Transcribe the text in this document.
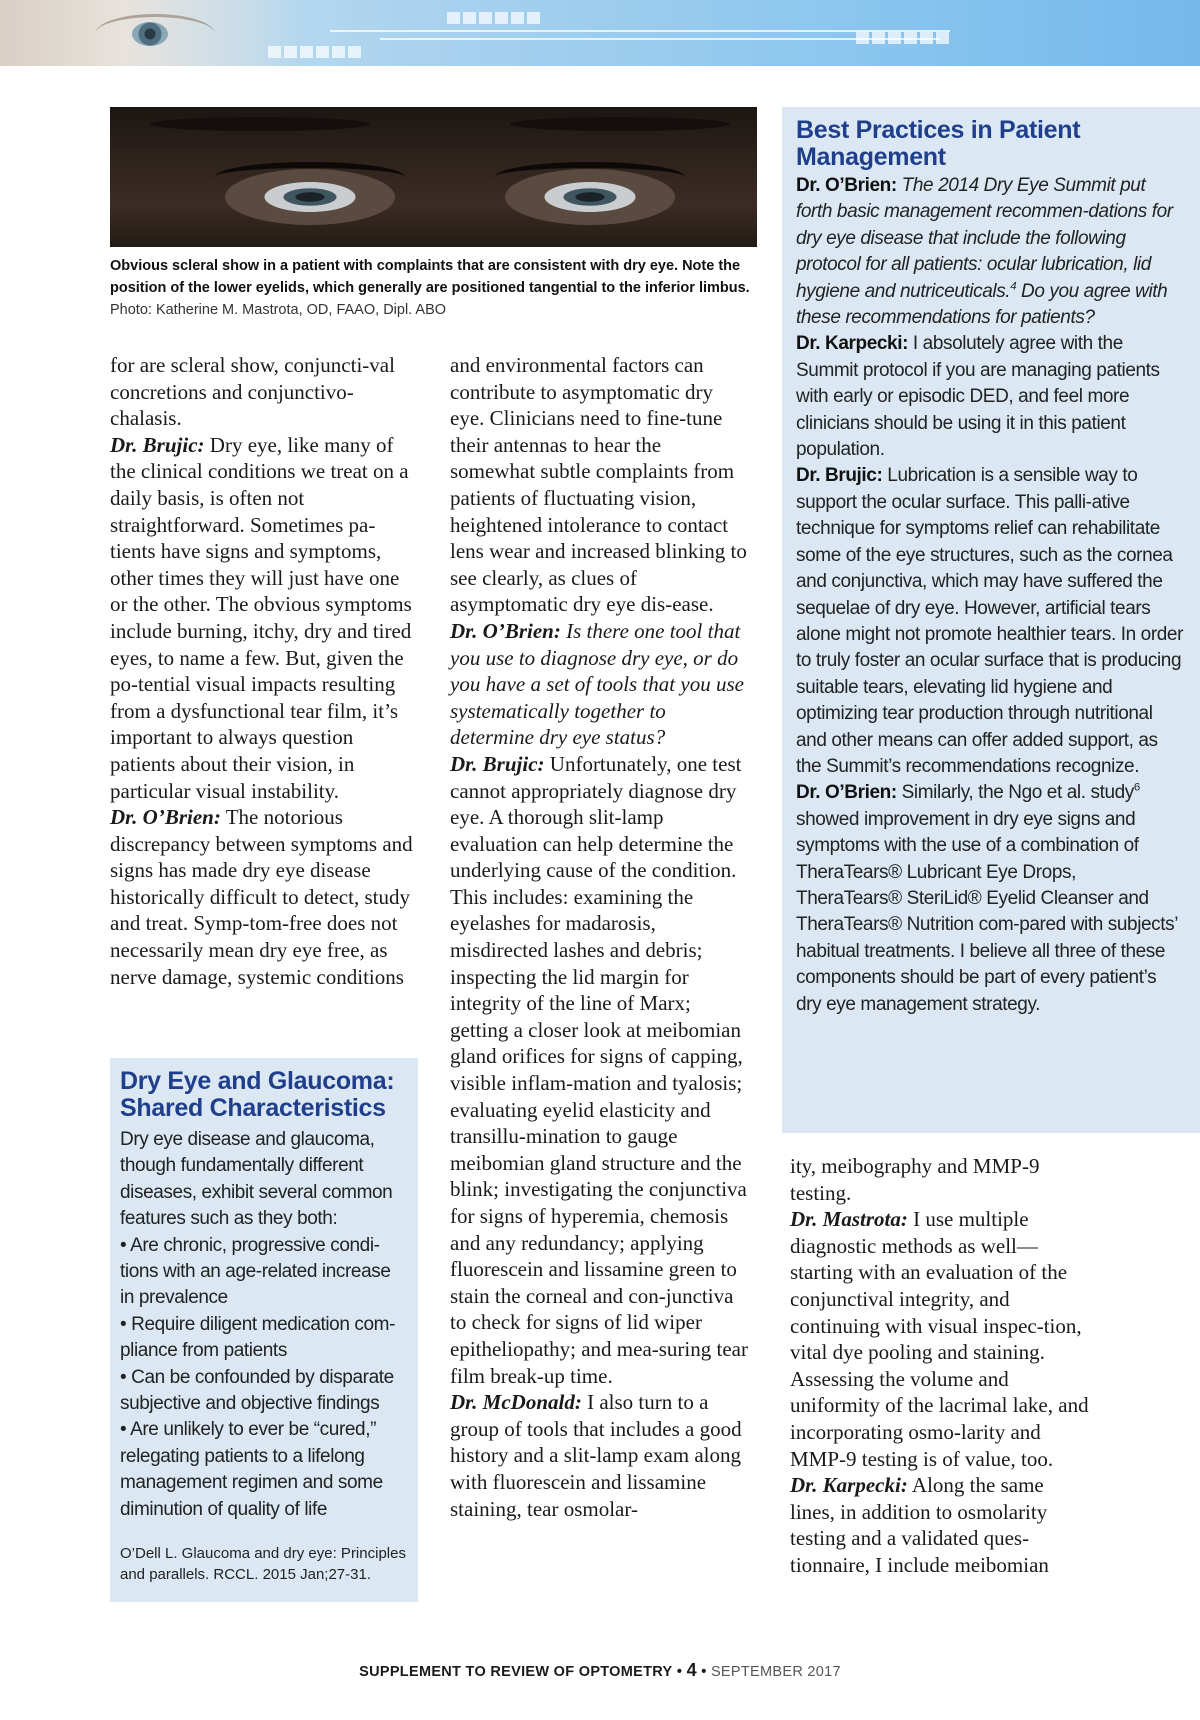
Obvious scleral show in a patient with complaints that are consistent with dry eye. Note the position of the lower eyelids, which generally are positioned tangential to the inferior limbus. Photo: Katherine M. Mastrota, OD, FAAO, Dipl. ABO

for are scleral show, conjuncti-val concretions and conjunctivo-chalasis.

Dr. Brujic: Dry eye, like many of the clinical conditions we treat on a daily basis, is often not straightforward. Sometimes pa-tients have signs and symptoms, other times they will just have one or the other. The obvious symptoms include burning, itchy, dry and tired eyes, to name a few. But, given the po-tential visual impacts resulting from a dysfunctional tear film, it’s important to always question patients about their vision, in particular visual instability.

Dr. O’Brien: The notorious discrepancy between symptoms and signs has made dry eye disease historically difficult to detect, study and treat. Symp-tom-free does not necessarily mean dry eye free, as nerve damage, systemic conditions

Dry Eye and Glaucoma: Shared Characteristics
Dry eye disease and glaucoma, though fundamentally different diseases, exhibit several common features such as they both:
• Are chronic, progressive condi-tions with an age-related increase in prevalence
• Require diligent medication com-pliance from patients
• Can be confounded by disparate subjective and objective findings
• Are unlikely to ever be “cured,” relegating patients to a lifelong management regimen and some diminution of quality of life
O’Dell L. Glaucoma and dry eye: Principles and parallels. RCCL. 2015 Jan;27-31.

and environmental factors can contribute to asymptomatic dry eye. Clinicians need to fine-tune their antennas to hear the somewhat subtle complaints from patients of fluctuating vision, heightened intolerance to contact lens wear and increased blinking to see clearly, as clues of asymptomatic dry eye dis-ease.

Dr. O’Brien: Is there one tool that you use to diagnose dry eye, or do you have a set of tools that you use systematically together to determine dry eye status?

Dr. Brujic: Unfortunately, one test cannot appropriately diagnose dry eye. A thorough slit-lamp evaluation can help determine the underlying cause of the condition. This includes: examining the eyelashes for madarosis, misdirected lashes and debris; inspecting the lid margin for integrity of the line of Marx; getting a closer look at meibomian gland orifices for signs of capping, visible inflam-mation and tyalosis; evaluating eyelid elasticity and transillu-mination to gauge meibomian gland structure and the blink; investigating the conjunctiva for signs of hyperemia, chemosis and any redundancy; applying fluorescein and lissamine green to stain the corneal and con-junctiva to check for signs of lid wiper epitheliopathy; and mea-suring tear film break-up time.

Dr. McDonald: I also turn to a group of tools that includes a good history and a slit-lamp exam along with fluorescein and lissamine staining, tear osmolar-

Best Practices in Patient Management
Dr. O’Brien: The 2014 Dry Eye Summit put forth basic management recommen-dations for dry eye disease that include the following protocol for all patients: ocular lubrication, lid hygiene and nutriceuticals.$^4$ Do you agree with these recommendations for patients?
Dr. Karpecki: I absolutely agree with the Summit protocol if you are managing patients with early or episodic DED, and feel more clinicians should be using it in this patient population.
Dr. Brujic: Lubrication is a sensible way to support the ocular surface. This palli-ative technique for symptoms relief can rehabilitate some of the eye structures, such as the cornea and conjunctiva, which may have suffered the sequelae of dry eye. However, artificial tears alone might not promote healthier tears. In order to truly foster an ocular surface that is producing suitable tears, elevating lid hygiene and optimizing tear production through nutritional and other means can offer added support, as the Summit’s recommendations recognize.
Dr. O’Brien: Similarly, the Ngo et al. study$^6$ showed improvement in dry eye signs and symptoms with the use of a combination of TheraTears® Lubricant Eye Drops, TheraTears® SteriLid® Eyelid Cleanser and TheraTears® Nutrition com-pared with subjects’ habitual treatments. I believe all three of these components should be part of every patient’s dry eye management strategy.

ity, meibography and MMP-9 testing.

Dr. Mastrota: I use multiple diagnostic methods as well—starting with an evaluation of the conjunctival integrity, and continuing with visual inspec-tion, vital dye pooling and staining. Assessing the volume and uniformity of the lacrimal lake, and incorporating osmo-larity and MMP-9 testing is of value, too.

Dr. Karpecki: Along the same lines, in addition to osmolarity testing and a validated ques-tionnaire, I include meibomian

SUPPLEMENT TO REVIEW OF OPTOMETRY • 4 • SEPTEMBER 2017
